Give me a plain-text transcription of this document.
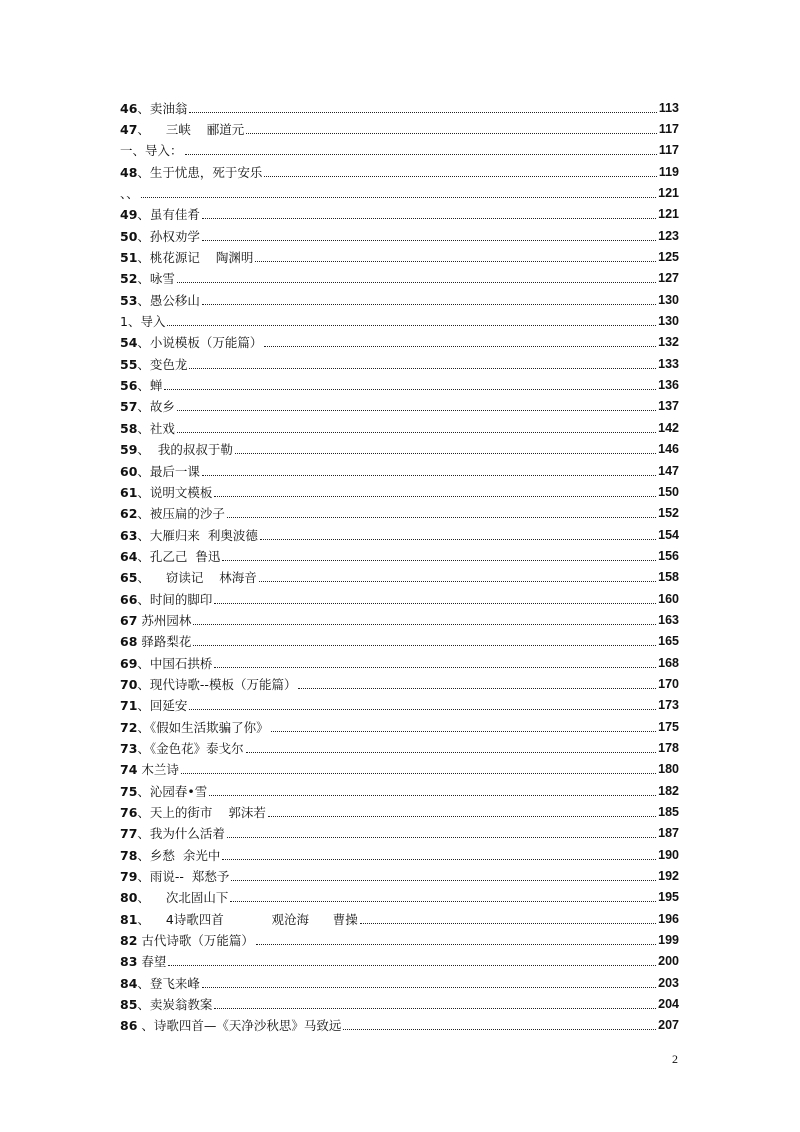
46、卖油翁	113
47、    三峡    郦道元	117
一、导入：	117
48、生于忧患，死于安乐	119
、、	121
49、虽有佳肴	121
50、孙权劝学	123
51、桃花源记    陶渊明	125
52、咏雪	127
53、愚公移山	130
1、导入	130
54、小说模板（万能篇）	132
55、变色龙	133
56、蝉	136
57、故乡	137
58、社戏	142
59、  我的叔叔于勒	146
60、最后一课	147
61、说明文模板	150
62、被压扁的沙子	152
63、大雁归来  利奥波德	154
64、孔乙己  鲁迅	156
65、    窃读记    林海音	158
66、时间的脚印	160
67 苏州园林	163
68 驿路梨花	165
69、中国石拱桥	168
70、现代诗歌--模板（万能篇）	170
71、回延安	173
72、《假如生活欺骗了你》	175
73、《金色花》泰戈尔	178
74 木兰诗	180
75、沁园春•雪	182
76、天上的街市    郭沫若	185
77、我为什么活着	187
78、乡愁  余光中	190
79、雨说--  郑愁予	192
80、    次北固山下	195
81、    4诗歌四首            观沧海      曹操	196
82 古代诗歌（万能篇）	199
83 春望	200
84、登飞来峰	203
85、卖炭翁教案	204
86 、诗歌四首—《天净沙秋思》马致远	207
2
